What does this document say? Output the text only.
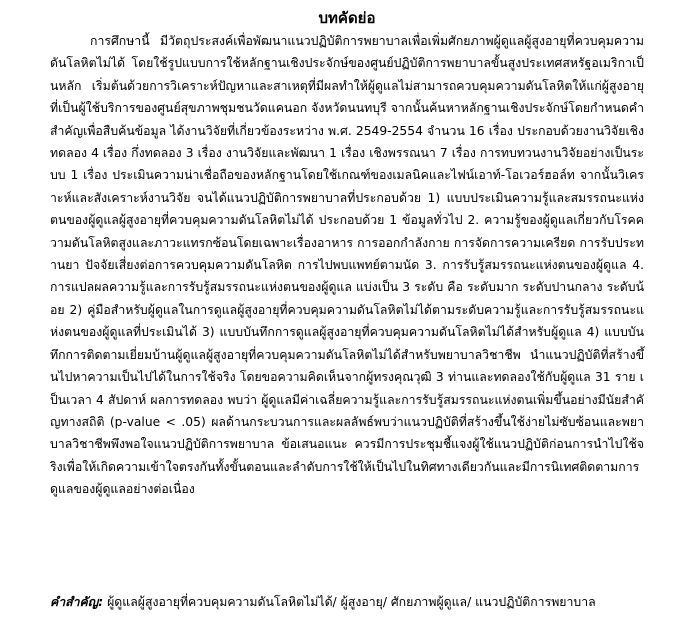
บทคัดย่อ

การศึกษานี้ มีวัตถุประสงค์เพื่อพัฒนาแนวปฏิบัติการพยาบาลเพื่อเพิ่มศักยภาพผู้ดูแลผู้สูงอายุที่ควบคุมความดันโลหิตไม่ได้ โดยใช้รูปแบบการใช้หลักฐานเชิงประจักษ์ของศูนย์ปฏิบัติการพยาบาลขั้นสูงประเทศสหรัฐอเมริกาเป็นหลัก เริ่มต้นด้วยการวิเคราะห์ปัญหาและสาเหตุที่มีผลทำให้ผู้ดูแลไม่สามารถควบคุมความดันโลหิตให้แก่ผู้สูงอายุที่เป็นผู้ใช้บริการของศูนย์สุขภาพชุมชนวัดแคนอก จังหวัดนนทบุรี จากนั้นค้นหาหลักฐานเชิงประจักษ์โดยกำหนดคำสำคัญเพื่อสืบค้นข้อมูล ได้งานวิจัยที่เกี่ยวข้องระหว่าง พ.ศ. 2549-2554 จำนวน 16 เรื่อง ประกอบด้วยงานวิจัยเชิงทดลอง 4 เรื่อง กึ่งทดลอง 3 เรื่อง งานวิจัยและพัฒนา 1 เรื่อง เชิงพรรณนา 7 เรื่อง การทบทวนงานวิจัยอย่างเป็นระบบ 1 เรื่อง ประเมินความน่าเชื่อถือของหลักฐานโดยใช้เกณฑ์ของเมลนิคและไฟน์เอาท์-โอเวอร์ฮอล์ท จากนั้นวิเคราะห์และสังเคราะห์งานวิจัย จนได้แนวปฏิบัติการพยาบาลที่ประกอบด้วย 1) แบบประเมินความรู้และสมรรถนะแห่งตนของผู้ดูแลผู้สูงอายุที่ควบคุมความดันโลหิตไม่ได้ ประกอบด้วย 1 ข้อมูลทั่วไป 2. ความรู้ของผู้ดูแลเกี่ยวกับโรคความดันโลหิตสูงและภาวะแทรกซ้อนโดยเฉพาะเรื่องอาหาร การออกกำลังกาย การจัดการความเครียด การรับประทานยา ปัจจัยเสี่ยงต่อการควบคุมความดันโลหิต การไปพบแพทย์ตามนัด 3. การรับรู้สมรรถนะแห่งตนของผู้ดูแล 4. การแปลผลความรู้และการรับรู้สมรรถนะแห่งตนของผู้ดูแล แบ่งเป็น 3 ระดับ คือ ระดับมาก ระดับปานกลาง ระดับน้อย 2) คู่มือสำหรับผู้ดูแลในการดูแลผู้สูงอายุที่ควบคุมความดันโลหิตไม่ได้ตามระดับความรู้และการรับรู้สมรรถนะแห่งตนของผู้ดูแลที่ประเมินได้ 3) แบบบันทึกการดูแลผู้สูงอายุที่ควบคุมความดันโลหิตไม่ได้สำหรับผู้ดูแล 4) แบบบันทึกการติดตามเยี่ยมบ้านผู้ดูแลผู้สูงอายุที่ควบคุมความดันโลหิตไม่ได้สำหรับพยาบาลวิชาชีพ นำแนวปฏิบัติที่สร้างขึ้นไปหาความเป็นไปได้ในการใช้จริง โดยขอความคิดเห็นจากผู้ทรงคุณวุฒิ 3 ท่านและทดลองใช้กับผู้ดูแล 31 ราย เป็นเวลา 4 สัปดาห์ ผลการทดลอง พบว่า ผู้ดูแลมีค่าเฉลี่ยความรู้และการรับรู้สมรรถนะแห่งตนเพิ่มขึ้นอย่างมีนัยสำคัญทางสถิติ (p-value < .05) ผลด้านกระบวนการและผลลัพธ์พบว่าแนวปฏิบัติที่สร้างขึ้นใช้ง่ายไม่ซับซ้อนและพยาบาลวิชาชีพพึงพอใจแนวปฏิบัติการพยาบาล ข้อเสนอแนะ ควรมีการประชุมชี้แจงผู้ใช้แนวปฏิบัติก่อนการนำไปใช้จริงเพื่อให้เกิดความเข้าใจตรงกันทั้งขั้นตอนและลำดับการใช้ให้เป็นไปในทิศทางเดียวกันและมีการนิเทศติดตามการดูแลของผู้ดูแลอย่างต่อเนื่อง

คำสำคัญ: ผู้ดูแลผู้สูงอายุที่ควบคุมความดันโลหิตไม่ได้/ ผู้สูงอายุ/ ศักยภาพผู้ดูแล/ แนวปฏิบัติการพยาบาล
